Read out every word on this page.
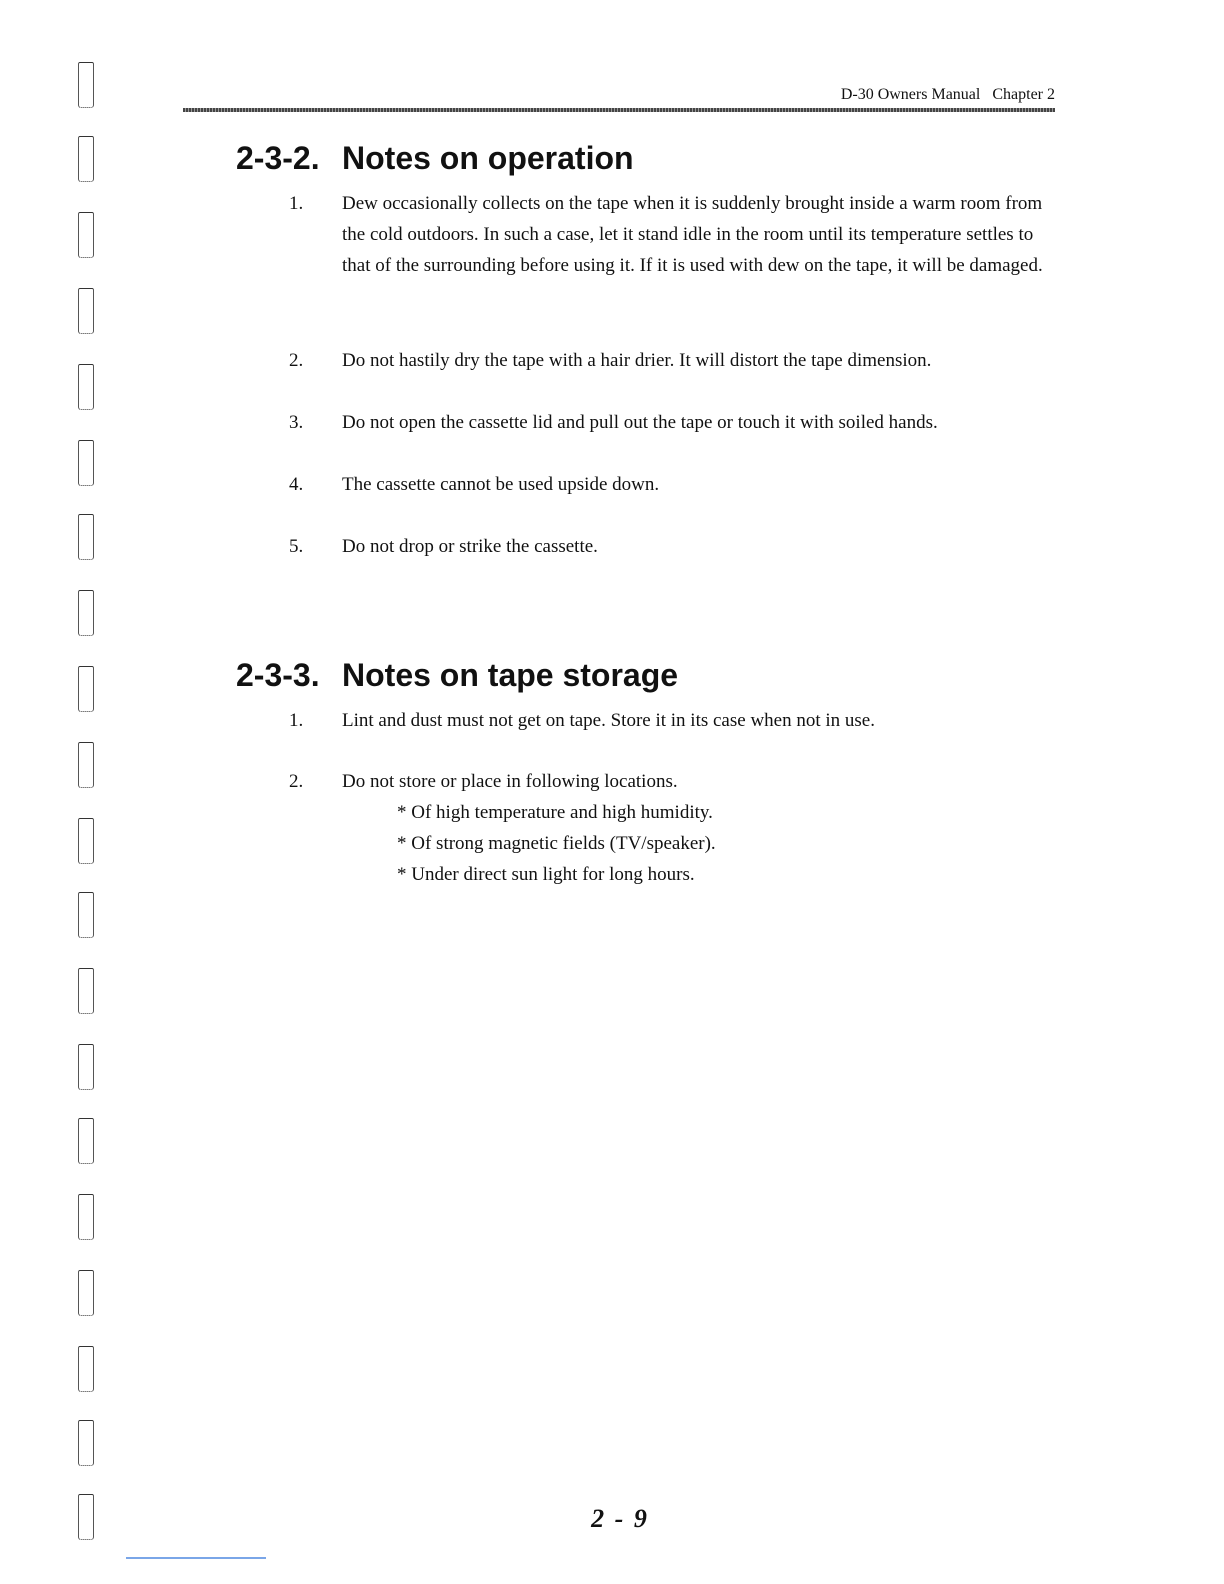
D-30 Owners Manual Chapter 2
2-3-2. Notes on operation
1. Dew occasionally collects on the tape when it is suddenly brought inside a warm room from the cold outdoors. In such a case, let it stand idle in the room until its temperature settles to that of the surrounding before using it. If it is used with dew on the tape, it will be damaged.
2. Do not hastily dry the tape with a hair drier. It will distort the tape dimension.
3. Do not open the cassette lid and pull out the tape or touch it with soiled hands.
4. The cassette cannot be used upside down.
5. Do not drop or strike the cassette.
2-3-3. Notes on tape storage
1. Lint and dust must not get on tape. Store it in its case when not in use.
2. Do not store or place in following locations.
* Of high temperature and high humidity.
* Of strong magnetic fields (TV/speaker).
* Under direct sun light for long hours.
2 - 9
